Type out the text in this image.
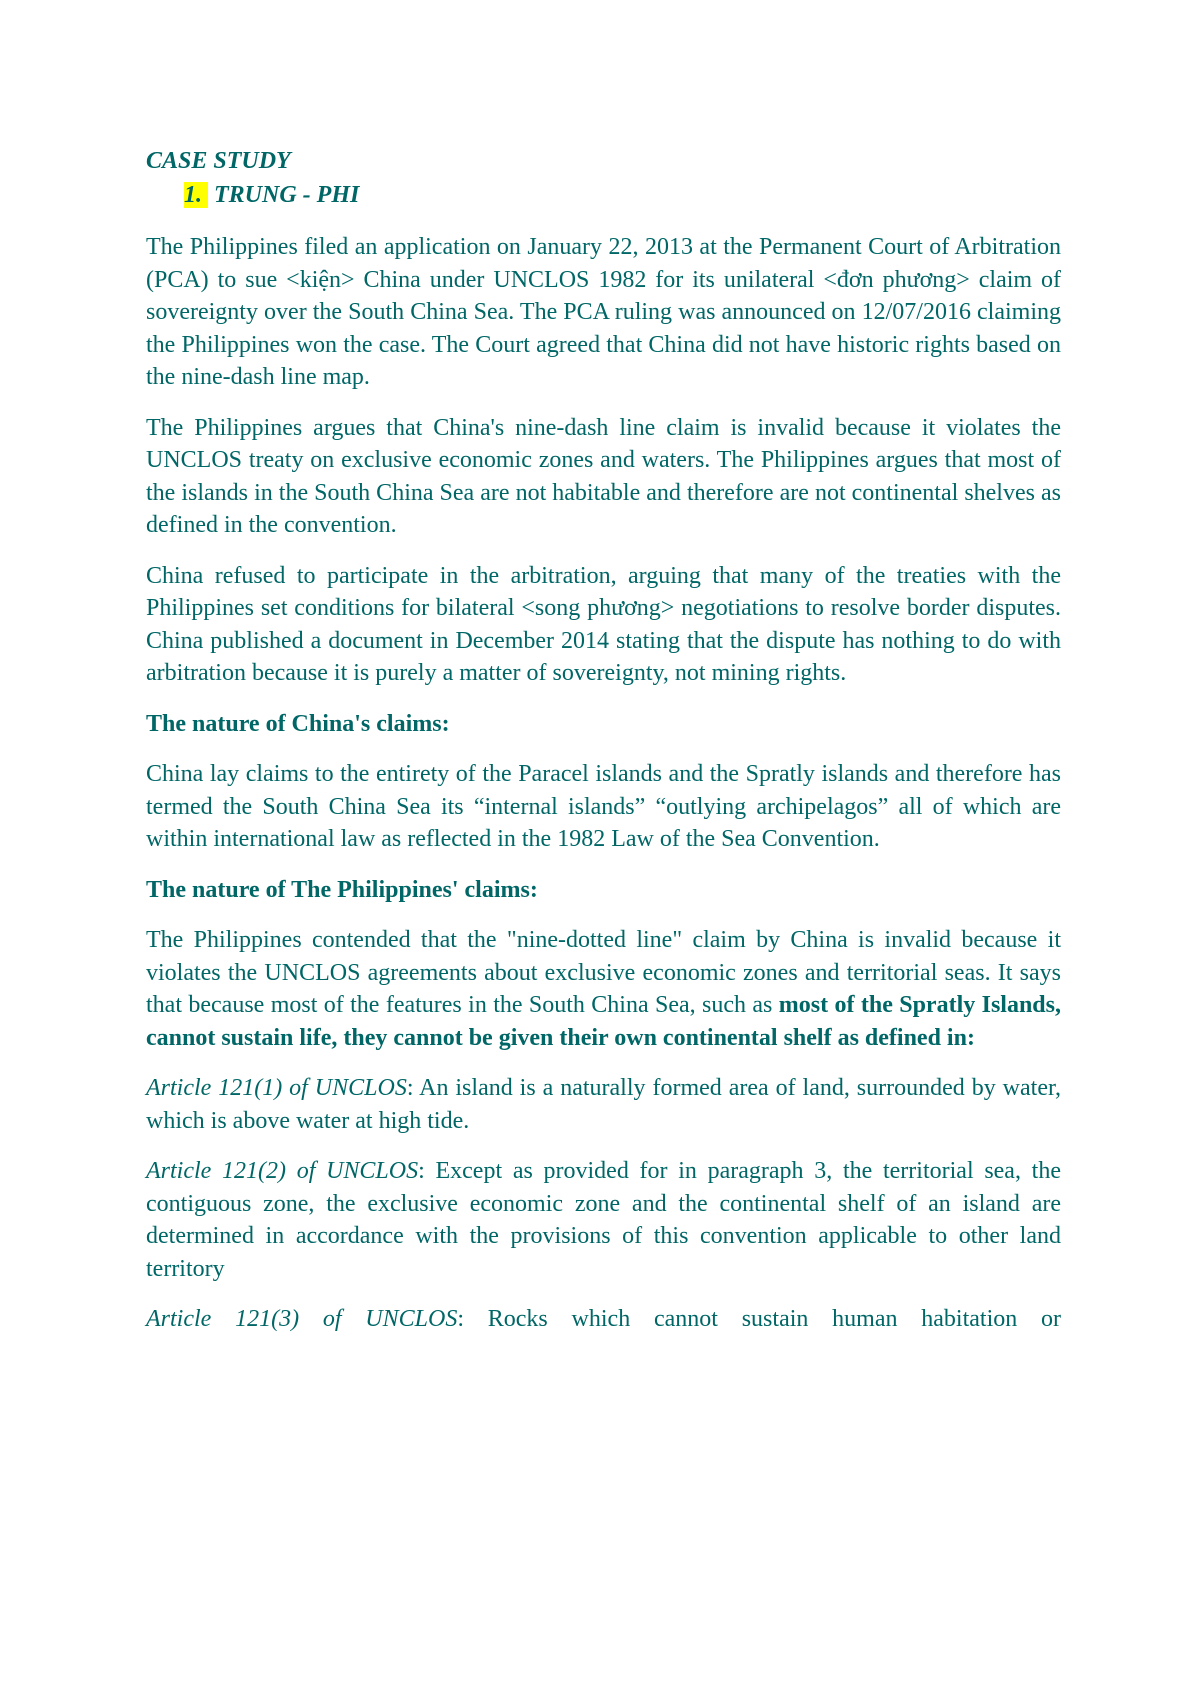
CASE STUDY

1. TRUNG - PHI

The Philippines filed an application on January 22, 2013 at the Permanent Court of Arbitration (PCA) to sue <kiện> China under UNCLOS 1982 for its unilateral <đơn phương> claim of sovereignty over the South China Sea. The PCA ruling was announced on 12/07/2016 claiming the Philippines won the case. The Court agreed that China did not have historic rights based on the nine-dash line map.

The Philippines argues that China's nine-dash line claim is invalid because it violates the UNCLOS treaty on exclusive economic zones and waters. The Philippines argues that most of the islands in the South China Sea are not habitable and therefore are not continental shelves as defined in the convention.

China refused to participate in the arbitration, arguing that many of the treaties with the Philippines set conditions for bilateral <song phương> negotiations to resolve border disputes. China published a document in December 2014 stating that the dispute has nothing to do with arbitration because it is purely a matter of sovereignty, not mining rights.

The nature of China's claims:

China lay claims to the entirety of the Paracel islands and the Spratly islands and therefore has termed the South China Sea its “internal islands” “outlying archipelagos” all of which are within international law as reflected in the 1982 Law of the Sea Convention.

The nature of The Philippines' claims:

The Philippines contended that the "nine-dotted line" claim by China is invalid because it violates the UNCLOS agreements about exclusive economic zones and territorial seas. It says that because most of the features in the South China Sea, such as most of the Spratly Islands, cannot sustain life, they cannot be given their own continental shelf as defined in:

Article 121(1) of UNCLOS: An island is a naturally formed area of land, surrounded by water, which is above water at high tide.

Article 121(2) of UNCLOS: Except as provided for in paragraph 3, the territorial sea, the contiguous zone, the exclusive economic zone and the continental shelf of an island are determined in accordance with the provisions of this convention applicable to other land territory

Article 121(3) of UNCLOS: Rocks which cannot sustain human habitation or
